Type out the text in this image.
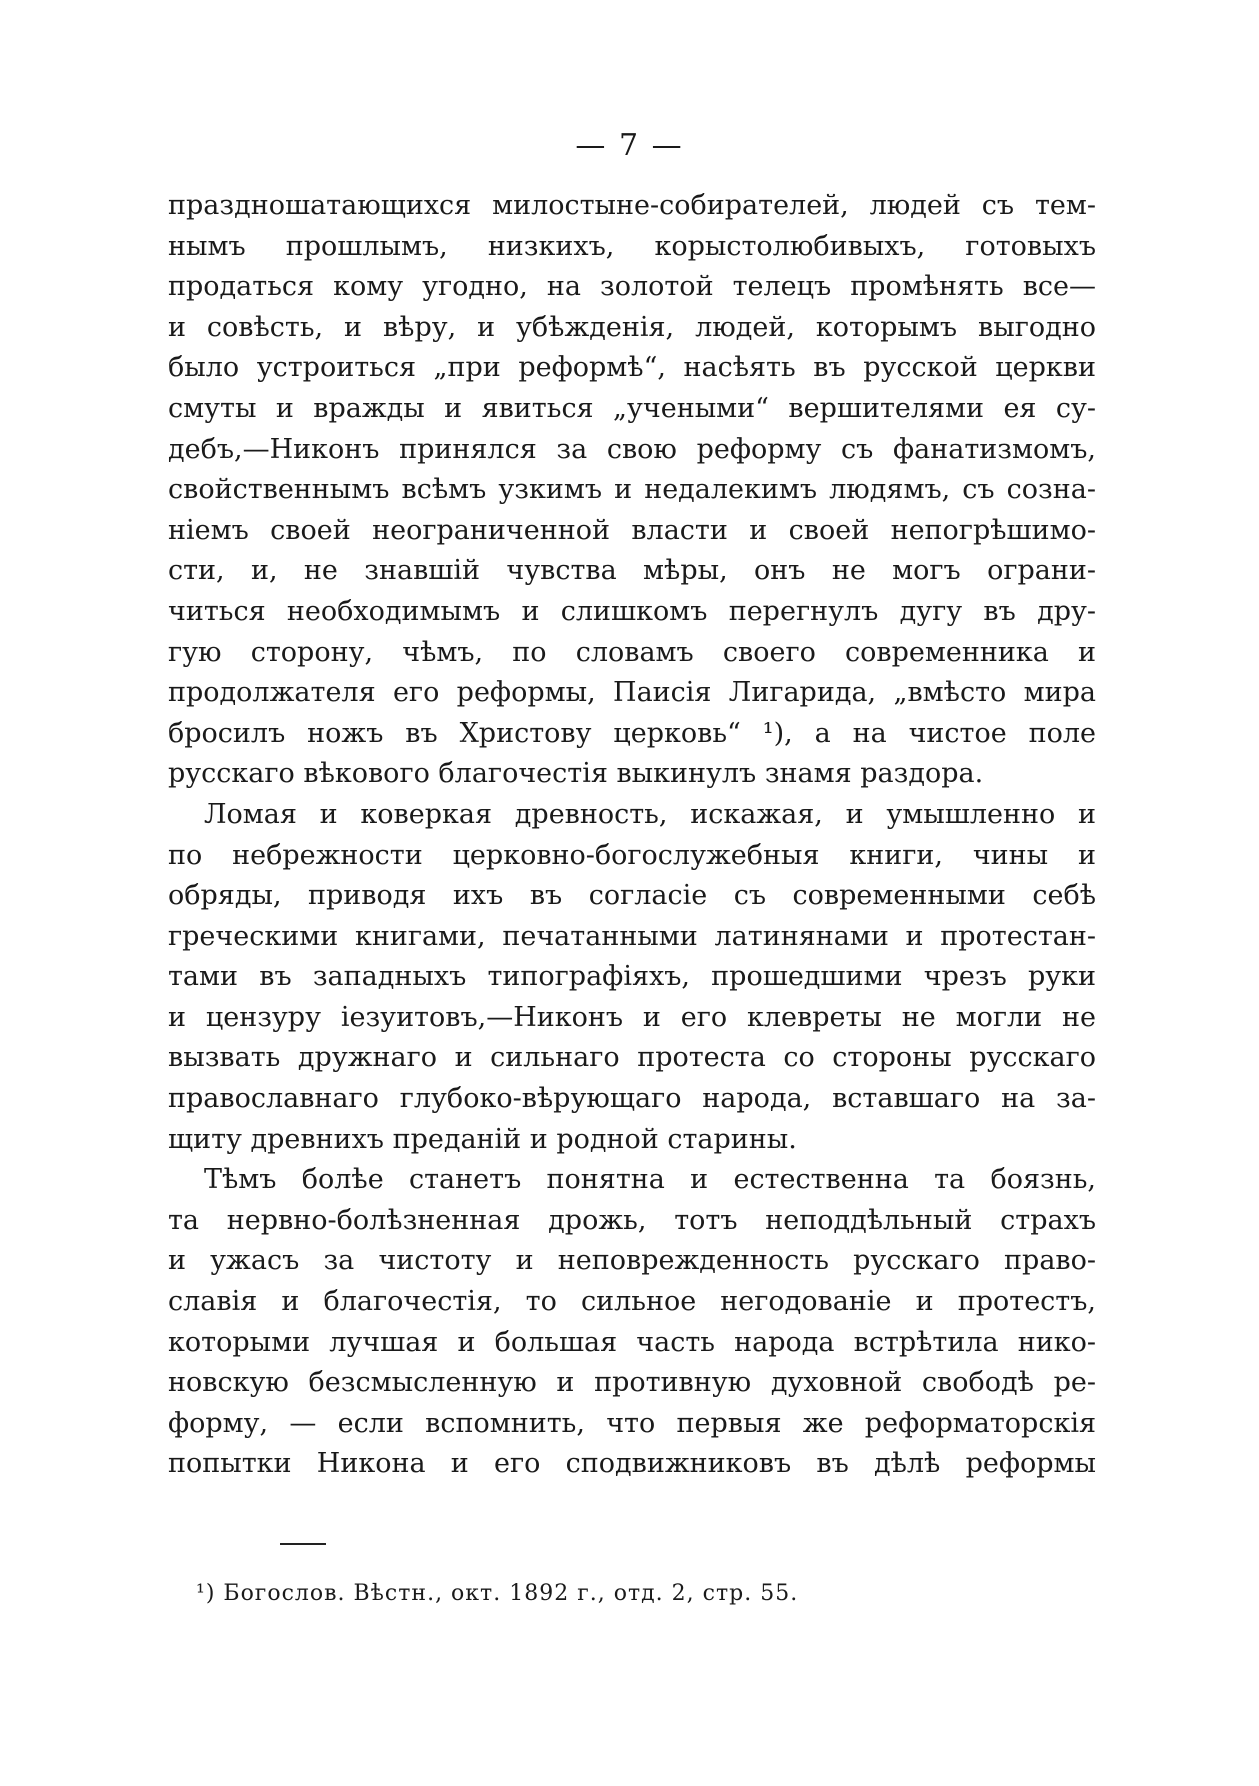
— 7 —
праздношатающихся милостыне-собирателей, людей съ тем-
нымъ прошлымъ, низкихъ, корыстолюбивыхъ, готовыхъ
продаться кому угодно, на золотой телецъ промѣнять все—
и совѣсть, и вѣру, и убѣжденія, людей, которымъ выгодно
было устроиться „при реформѣ“, насѣять въ русской церкви
смуты и вражды и явиться „учеными“ вершителями ея су-
дебъ,—Никонъ принялся за свою реформу съ фанатизмомъ,
свойственнымъ всѣмъ узкимъ и недалекимъ людямъ, съ созна-
ніемъ своей неограниченной власти и своей непогрѣшимо-
сти, и, не знавшій чувства мѣры, онъ не могъ ограни-
читься необходимымъ и слишкомъ перегнулъ дугу въ дру-
гую сторону, чѣмъ, по словамъ своего современника и
продолжателя его реформы, Паисія Лигарида, „вмѣсто мира
бросилъ ножъ въ Христову церковь“ ¹), а на чистое поле
русскаго вѣкового благочестія выкинулъ знамя раздора.
Ломая и коверкая древность, искажая, и умышленно и
по небрежности церковно-богослужебныя книги, чины и
обряды, приводя ихъ въ согласіе съ современными себѣ
греческими книгами, печатанными латинянами и протестан-
тами въ западныхъ типографіяхъ, прошедшими чрезъ руки
и цензуру іезуитовъ,—Никонъ и его клевреты не могли не
вызвать дружнаго и сильнаго протеста со стороны русскаго
православнаго глубоко-вѣрующаго народа, вставшаго на за-
щиту древнихъ преданій и родной старины.
Тѣмъ болѣе станетъ понятна и естественна та боязнь,
та нервно-болѣзненная дрожь, тотъ неподдѣльный страхъ
и ужасъ за чистоту и неповрежденность русскаго право-
славія и благочестія, то сильное негодованіе и протестъ,
которыми лучшая и большая часть народа встрѣтила нико-
новскую безсмысленную и противную духовной свободѣ ре-
форму, — если вспомнить, что первыя же реформаторскія
попытки Никона и его сподвижниковъ въ дѣлѣ реформы
¹) Богослов. Вѣстн., окт. 1892 г., отд. 2, стр. 55.
